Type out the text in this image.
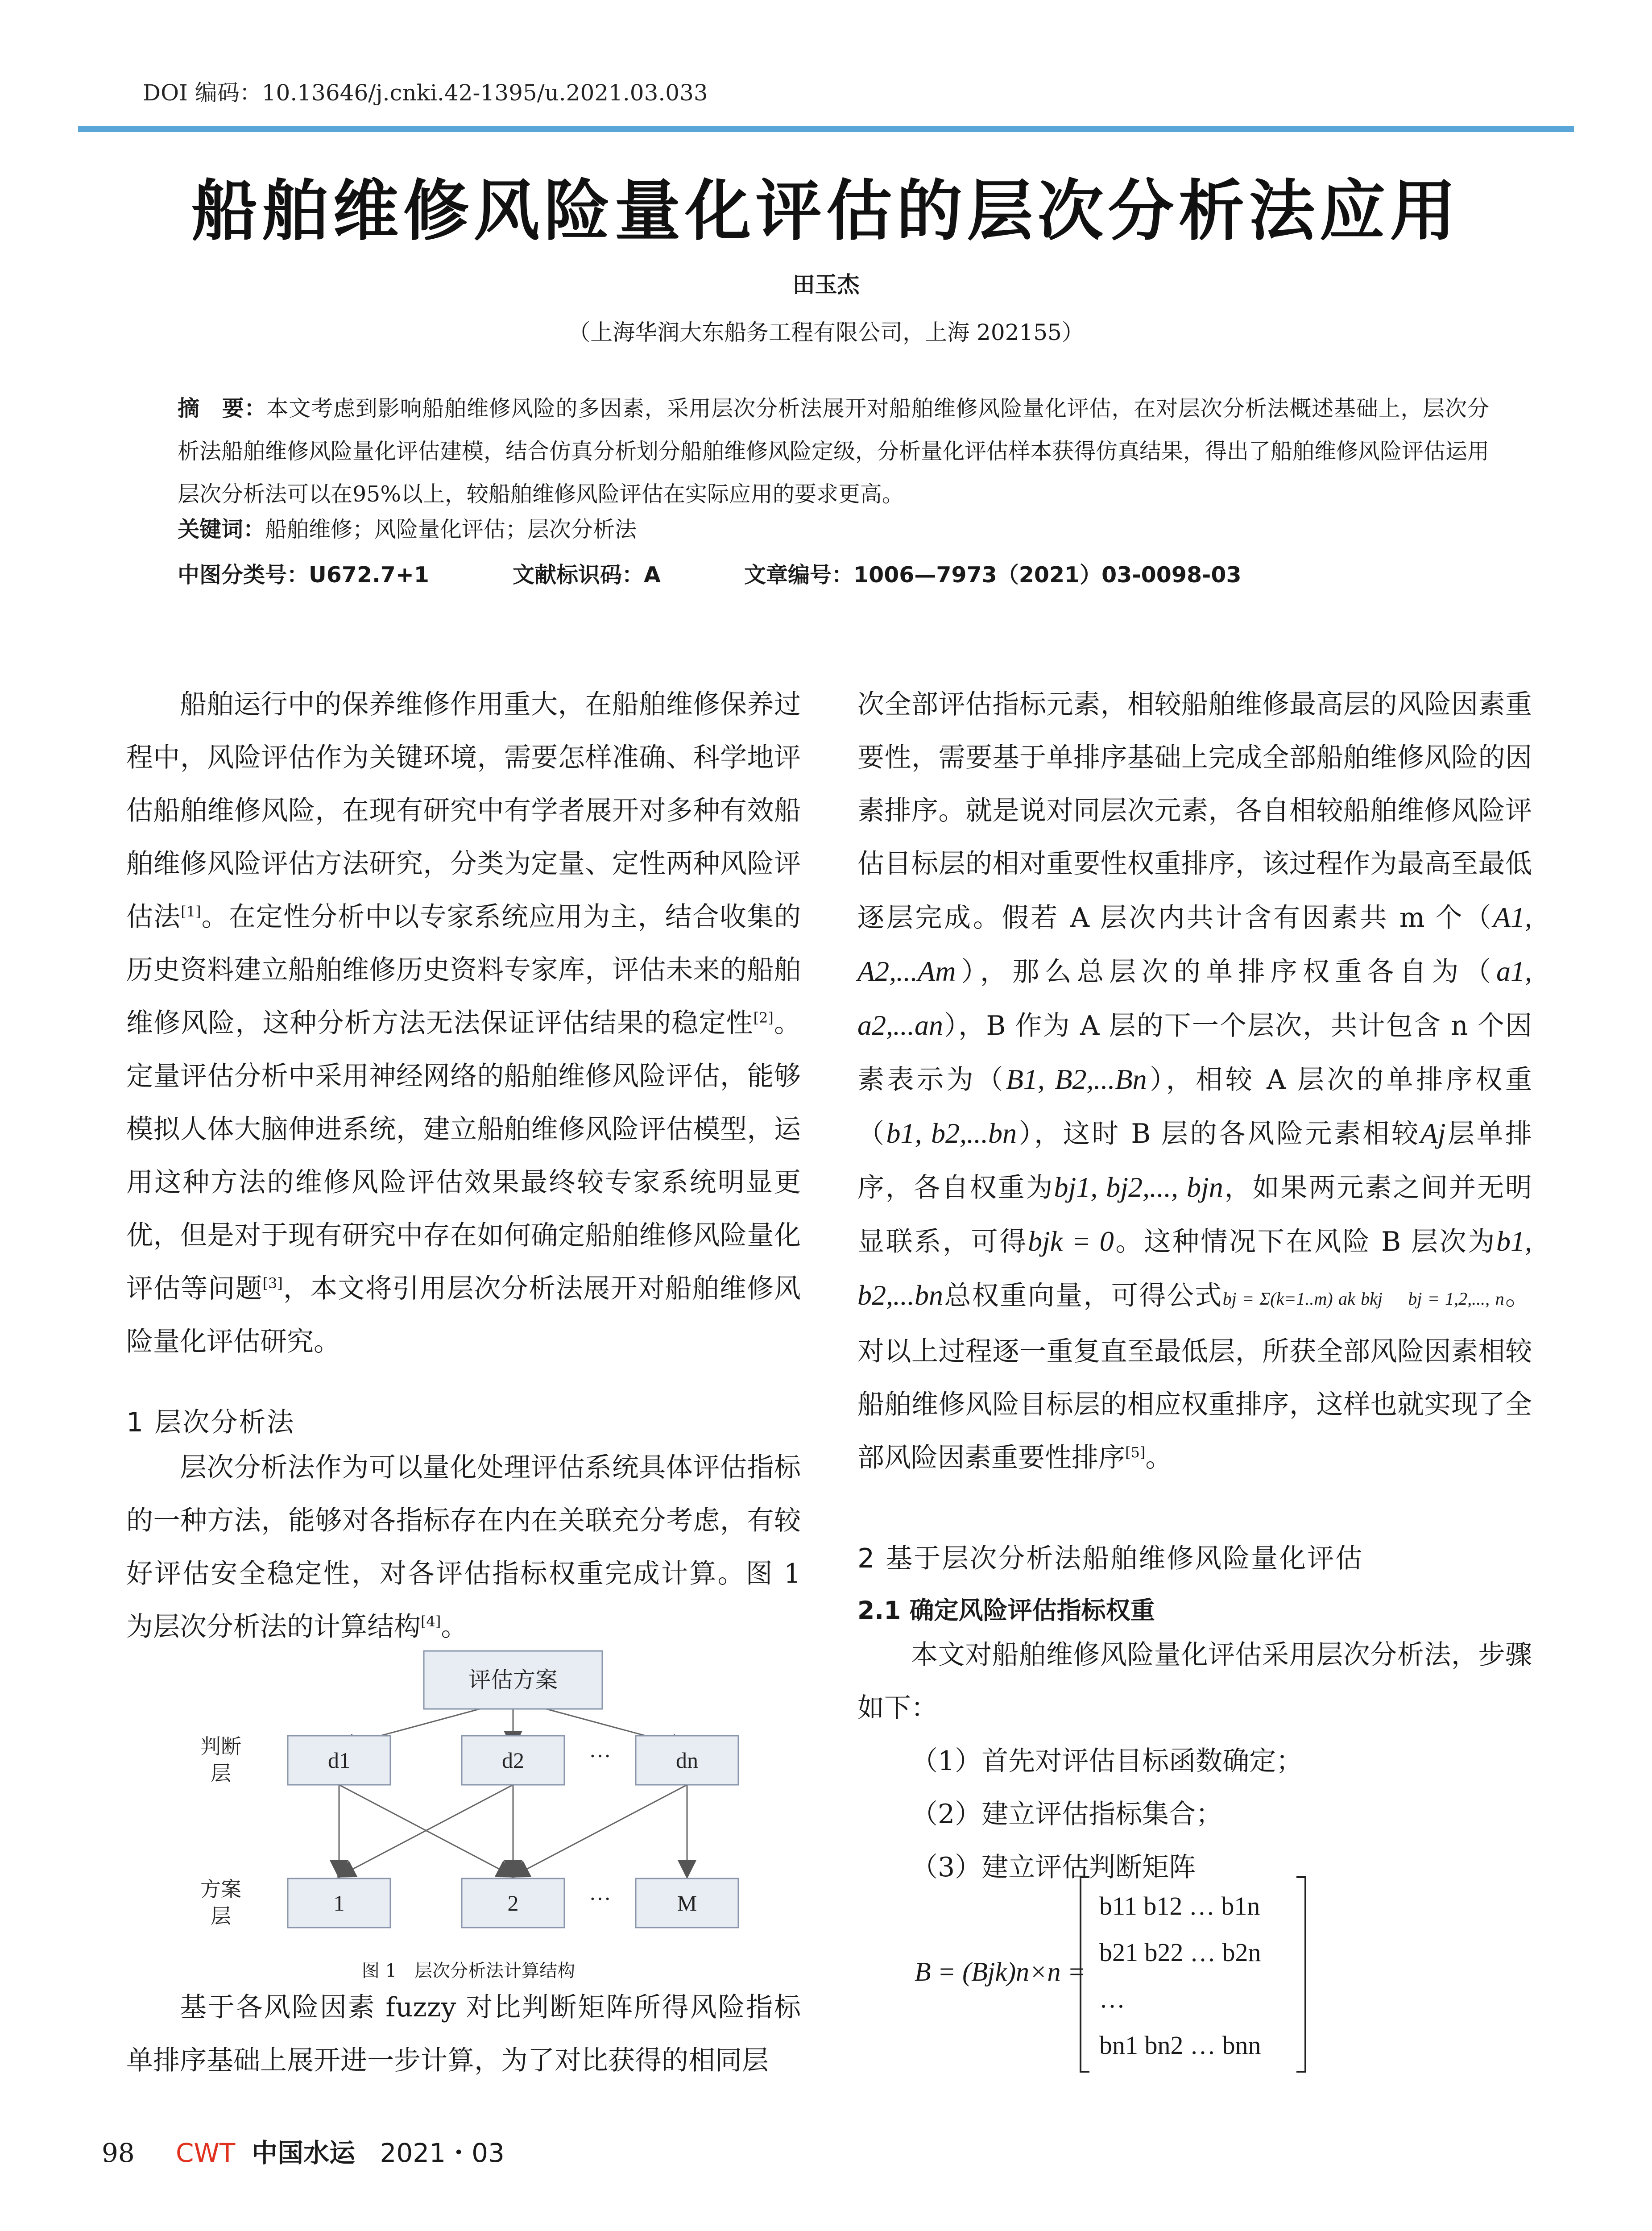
DOI 编码：10.13646/j.cnki.42-1395/u.2021.03.033
船舶维修风险量化评估的层次分析法应用
田玉杰
（上海华润大东船务工程有限公司，上海 202155）
摘　要：本文考虑到影响船舶维修风险的多因素，采用层次分析法展开对船舶维修风险量化评估，在对层次分析法概述基础上，层次分析法船舶维修风险量化评估建模，结合仿真分析划分船舶维修风险定级，分析量化评估样本获得仿真结果，得出了船舶维修风险评估运用层次分析法可以在95%以上，较船舶维修风险评估在实际应用的要求更高。
关键词：船舶维修；风险量化评估；层次分析法
中图分类号：U672.7+1	文献标识码：A	文章编号：1006—7973（2021）03-0098-03

船舶运行中的保养维修作用重大，在船舶维修保养过程中，风险评估作为关键环境，需要怎样准确、科学地评估船舶维修风险，在现有研究中有学者展开对多种有效船舶维修风险评估方法研究，分类为定量、定性两种风险评估法[1]。在定性分析中以专家系统应用为主，结合收集的历史资料建立船舶维修历史资料专家库，评估未来的船舶维修风险，这种分析方法无法保证评估结果的稳定性[2]。定量评估分析中采用神经网络的船舶维修风险评估，能够模拟人体大脑伸进系统，建立船舶维修风险评估模型，运用这种方法的维修风险评估效果最终较专家系统明显更优，但是对于现有研究中存在如何确定船舶维修风险量化评估等问题[3]，本文将引用层次分析法展开对船舶维修风险量化评估研究。

1 层次分析法

层次分析法作为可以量化处理评估系统具体评估指标的一种方法，能够对各指标存在内在关联充分考虑，有较好评估安全稳定性，对各评估指标权重完成计算。图 1 为层次分析法的计算结构[4]。

评估方案
d1	d2	dn
1	2	M
···
···
判断
层
方案
层
图 1　层次分析法计算结构

基于各风险因素 fuzzy 对比判断矩阵所得风险指标单排序基础上展开进一步计算，为了对比获得的相同层

次全部评估指标元素，相较船舶维修最高层的风险因素重要性，需要基于单排序基础上完成全部船舶维修风险的因素排序。就是说对同层次元素，各自相较船舶维修风险评估目标层的相对重要性权重排序，该过程作为最高至最低逐层完成。假若 A 层次内共计含有因素共 m 个（A1, A2,...Am），那么总层次的单排序权重各自为（a1, a2,...an），B 作为 A 层的下一个层次，共计包含 n 个因素表示为（B1, B2,...Bn），相较 A 层次的单排序权重（b1, b2,...bn），这时 B 层的各风险元素相较Aj层单排序，各自权重为bj1, bj2,..., bjn，如果两元素之间并无明显联系，可得bjk = 0。这种情况下在风险 B 层次为b1, b2,...bn总权重向量，可得公式bj = Σ(k=1..m) ak bkj　 bj = 1,2,..., n。对以上过程逐一重复直至最低层，所获全部风险因素相较船舶维修风险目标层的相应权重排序，这样也就实现了全部风险因素重要性排序[5]。

2 基于层次分析法船舶维修风险量化评估
2.1 确定风险评估指标权重

本文对船舶维修风险量化评估采用层次分析法，步骤如下：

（1）首先对评估目标函数确定；

（2）建立评估指标集合；

（3）建立评估判断矩阵

B = (Bjk)n×n =
b11 b12 … b1n
b21 b22 … b2n
…
bn1 bn2 … bnn
98 CWT 中国水运 2021・03
